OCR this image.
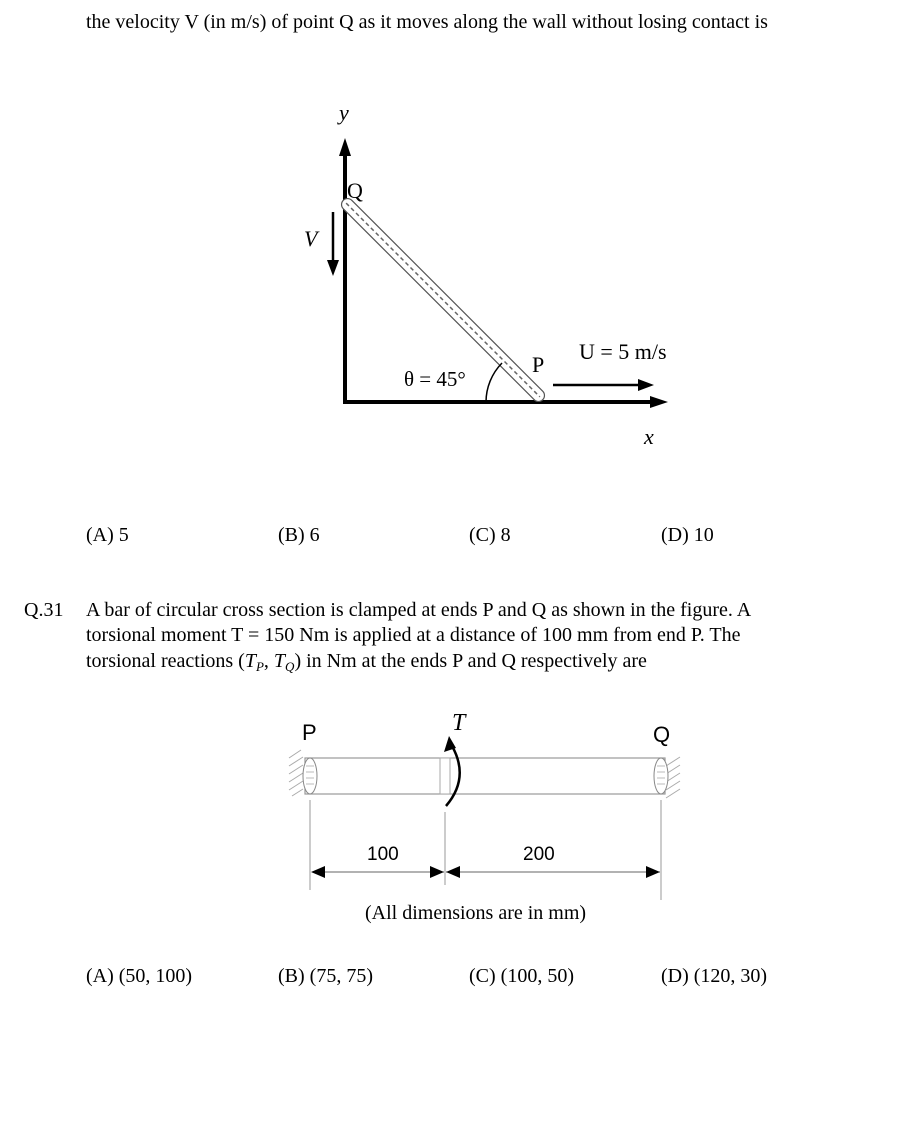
the velocity V (in m/s) of point Q as it moves along the wall without losing contact is
y
x
Q
P
V
U = 5 m/s
θ = 45°
(A) 5	(B) 6	(C) 8	(D) 10
Q.31 A bar of circular cross section is clamped at ends P and Q as shown in the figure. A
torsional moment T = 150 Nm is applied at a distance of 100 mm from end P. The
torsional reactions ($T_P$, $T_Q$) in Nm at the ends P and Q respectively are
P	Q
T
100	200
(All dimensions are in mm)
(A) (50, 100)	(B) (75, 75)	(C) (100, 50)	(D) (120, 30)
